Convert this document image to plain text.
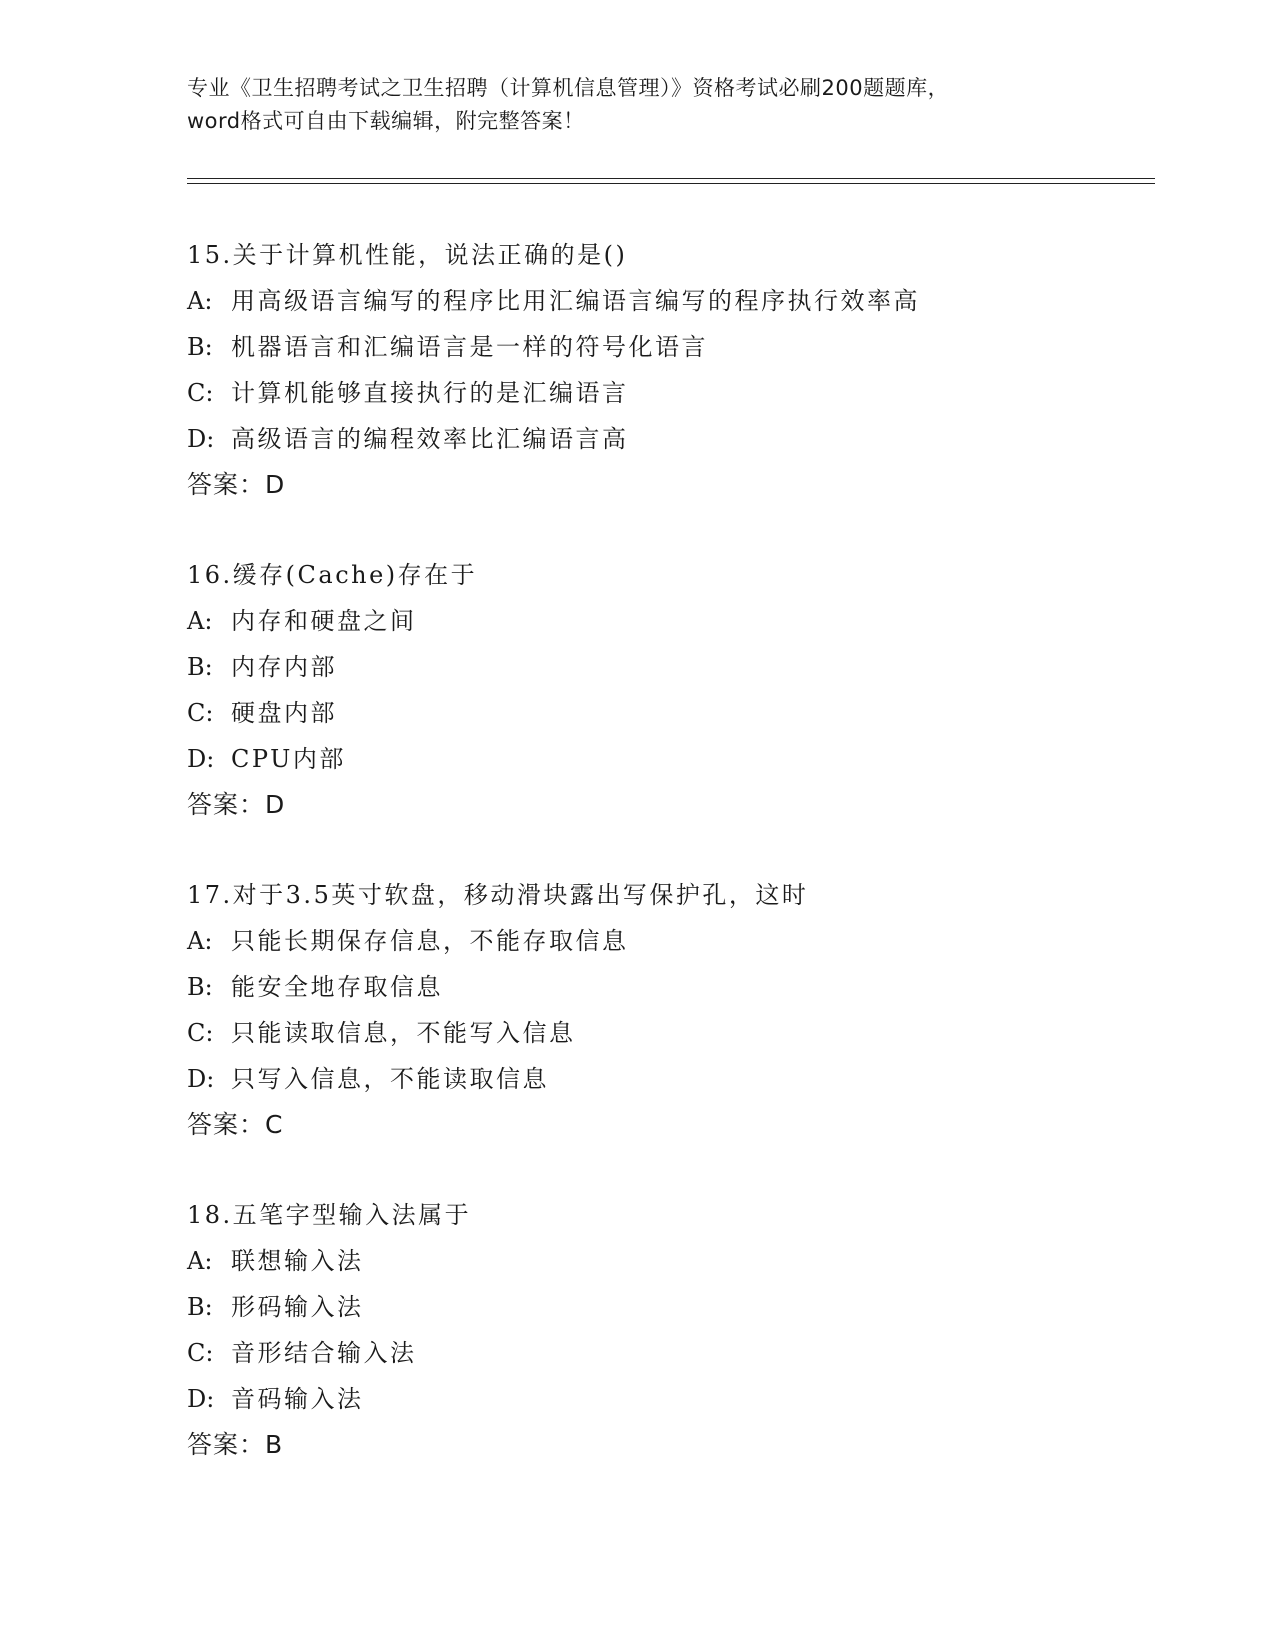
专业《卫生招聘考试之卫生招聘（计算机信息管理）》资格考试必刷200题题库，
word格式可自由下载编辑，附完整答案！
15.关于计算机性能，说法正确的是()
A: 用高级语言编写的程序比用汇编语言编写的程序执行效率高
B: 机器语言和汇编语言是一样的符号化语言
C: 计算机能够直接执行的是汇编语言
D: 高级语言的编程效率比汇编语言高
答案：D
16.缓存(Cache)存在于
A: 内存和硬盘之间
B: 内存内部
C: 硬盘内部
D: CPU内部
答案：D
17.对于3.5英寸软盘，移动滑块露出写保护孔，这时
A: 只能长期保存信息，不能存取信息
B: 能安全地存取信息
C: 只能读取信息，不能写入信息
D: 只写入信息，不能读取信息
答案：C
18.五笔字型输入法属于
A: 联想输入法
B: 形码输入法
C: 音形结合输入法
D: 音码输入法
答案：B
